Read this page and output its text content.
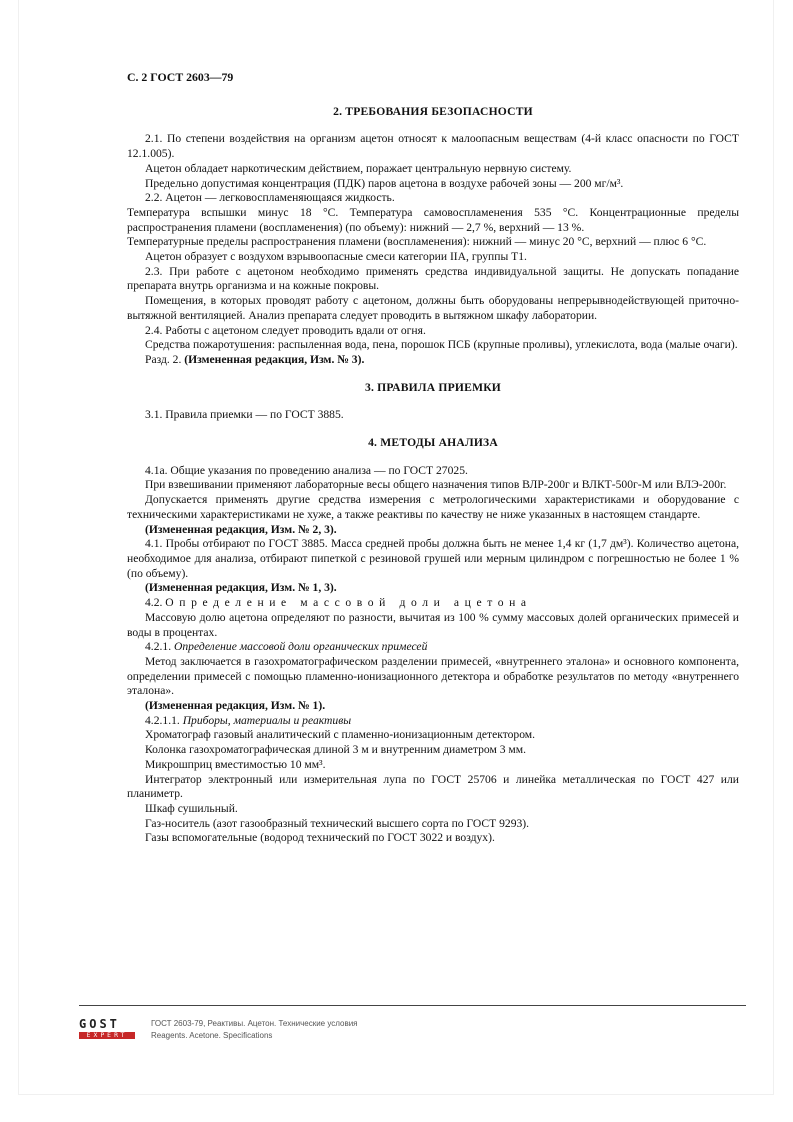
С. 2 ГОСТ 2603—79
2. ТРЕБОВАНИЯ БЕЗОПАСНОСТИ

2.1. По степени воздействия на организм ацетон относят к малоопасным веществам (4-й класс опасности по ГОСТ 12.1.005).

Ацетон обладает наркотическим действием, поражает центральную нервную систему.

Предельно допустимая концентрация (ПДК) паров ацетона в воздухе рабочей зоны — 200 мг/м³.

2.2. Ацетон — легковоспламеняющаяся жидкость.

Температура вспышки минус 18 °С. Температура самовоспламенения 535 °С. Концентрационные пределы распространения пламени (воспламенения) (по объему): нижний — 2,7 %, верхний — 13 %.

Температурные пределы распространения пламени (воспламенения): нижний — минус 20 °С, верхний — плюс 6 °С.

Ацетон образует с воздухом взрывоопасные смеси категории IIA, группы Т1.

2.3. При работе с ацетоном необходимо применять средства индивидуальной защиты. Не допускать попадание препарата внутрь организма и на кожные покровы.

Помещения, в которых проводят работу с ацетоном, должны быть оборудованы непрерывнодействующей приточно-вытяжной вентиляцией. Анализ препарата следует проводить в вытяжном шкафу лаборатории.

2.4. Работы с ацетоном следует проводить вдали от огня.

Средства пожаротушения: распыленная вода, пена, порошок ПСБ (крупные проливы), углекислота, вода (малые очаги).

Разд. 2. (Измененная редакция, Изм. № 3).

3. ПРАВИЛА ПРИЕМКИ

3.1. Правила приемки — по ГОСТ 3885.

4. МЕТОДЫ АНАЛИЗА

4.1а. Общие указания по проведению анализа — по ГОСТ 27025.

При взвешивании применяют лабораторные весы общего назначения типов ВЛР-200г и ВЛКТ-500г-М или ВЛЭ-200г.

Допускается применять другие средства измерения с метрологическими характеристиками и оборудование с техническими характеристиками не хуже, а также реактивы по качеству не ниже указанных в настоящем стандарте.

(Измененная редакция, Изм. № 2, 3).

4.1. Пробы отбирают по ГОСТ 3885. Масса средней пробы должна быть не менее 1,4 кг (1,7 дм³). Количество ацетона, необходимое для анализа, отбирают пипеткой с резиновой грушей или мерным цилиндром с погрешностью не более 1 % (по объему).

(Измененная редакция, Изм. № 1, 3).

4.2. Определение массовой доли ацетона

Массовую долю ацетона определяют по разности, вычитая из 100 % сумму массовых долей органических примесей и воды в процентах.

4.2.1. Определение массовой доли органических примесей

Метод заключается в газохроматографическом разделении примесей, «внутреннего эталона» и основного компонента, определении примесей с помощью пламенно-ионизационного детектора и обработке результатов по методу «внутреннего эталона».

(Измененная редакция, Изм. № 1).

4.2.1.1. Приборы, материалы и реактивы

Хроматограф газовый аналитический с пламенно-ионизационным детектором.

Колонка газохроматографическая длиной 3 м и внутренним диаметром 3 мм.

Микрошприц вместимостью 10 мм³.

Интегратор электронный или измерительная лупа по ГОСТ 25706 и линейка металлическая по ГОСТ 427 или планиметр.

Шкаф сушильный.

Газ-носитель (азот газообразный технический высшего сорта по ГОСТ 9293).

Газы вспомогательные (водород технический по ГОСТ 3022 и воздух).

GOST
EXPERT
ГОСТ 2603-79, Реактивы. Ацетон. Технические условия
Reagents. Acetone. Specifications
